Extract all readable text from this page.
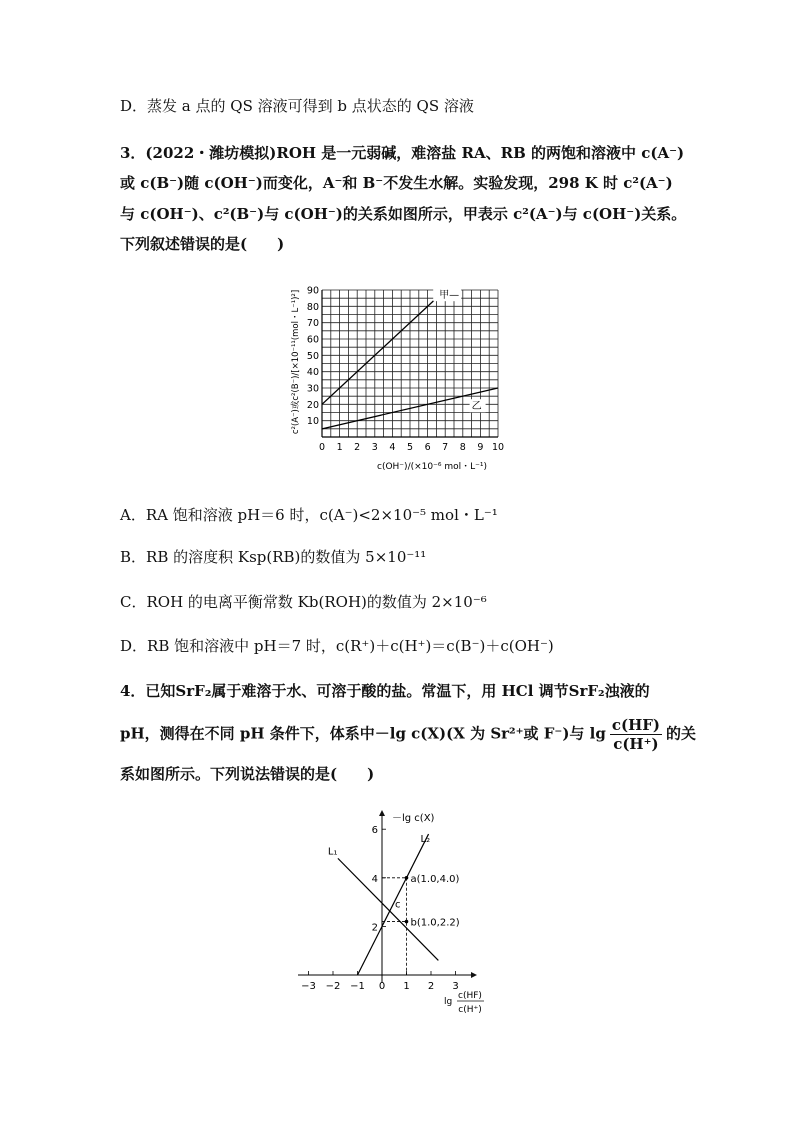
D．蒸发 a 点的 QS 溶液可得到 b 点状态的 QS 溶液
3．(2022・潍坊模拟)ROH 是一元弱碱，难溶盐 RA、RB 的两饱和溶液中 c(A⁻)
或 c(B⁻)随 c(OH⁻)而变化，A⁻和 B⁻不发生水解。实验发现，298 K 时 c²(A⁻)
与 c(OH⁻)、c²(B⁻)与 c(OH⁻)的关系如图所示，甲表示 c²(A⁻)与 c(OH⁻)关系。
下列叙述错误的是(　　)
0 1 2 3 4 5 6 7 8 9 10
10
20
30
40
50
60
70
80
90	甲—
乙
c(OH⁻)/(×10⁻⁶ mol・L⁻¹)
c²(A⁻)或c²(B⁻)/[×10⁻¹¹(mol・L⁻¹)²]
A．RA 饱和溶液 pH＝6 时，c(A⁻)<2×10⁻⁵ mol・L⁻¹
B．RB 的溶度积 Ksp(RB)的数值为 5×10⁻¹¹
C．ROH 的电离平衡常数 Kb(ROH)的数值为 2×10⁻⁶
D．RB 饱和溶液中 pH＝7 时，c(R⁺)＋c(H⁺)＝c(B⁻)＋c(OH⁻)
4．已知SrF₂属于难溶于水、可溶于酸的盐。常温下，用 HCl 调节SrF₂浊液的
pH，测得在不同 pH 条件下，体系中－lg c(X)(X 为 Sr²⁺或 F⁻)与 $\lg \frac{c(HF)}{c(H^+)}$ 的关
系如图所示。下列说法错误的是(　　)
−3 −2 −1 0 1 2 3
2
4
6
L₁
L₂
a(1.0,4.0)
b(1.0,2.2)
c
－lg c(X)
lg
c(HF)
c(H⁺)
